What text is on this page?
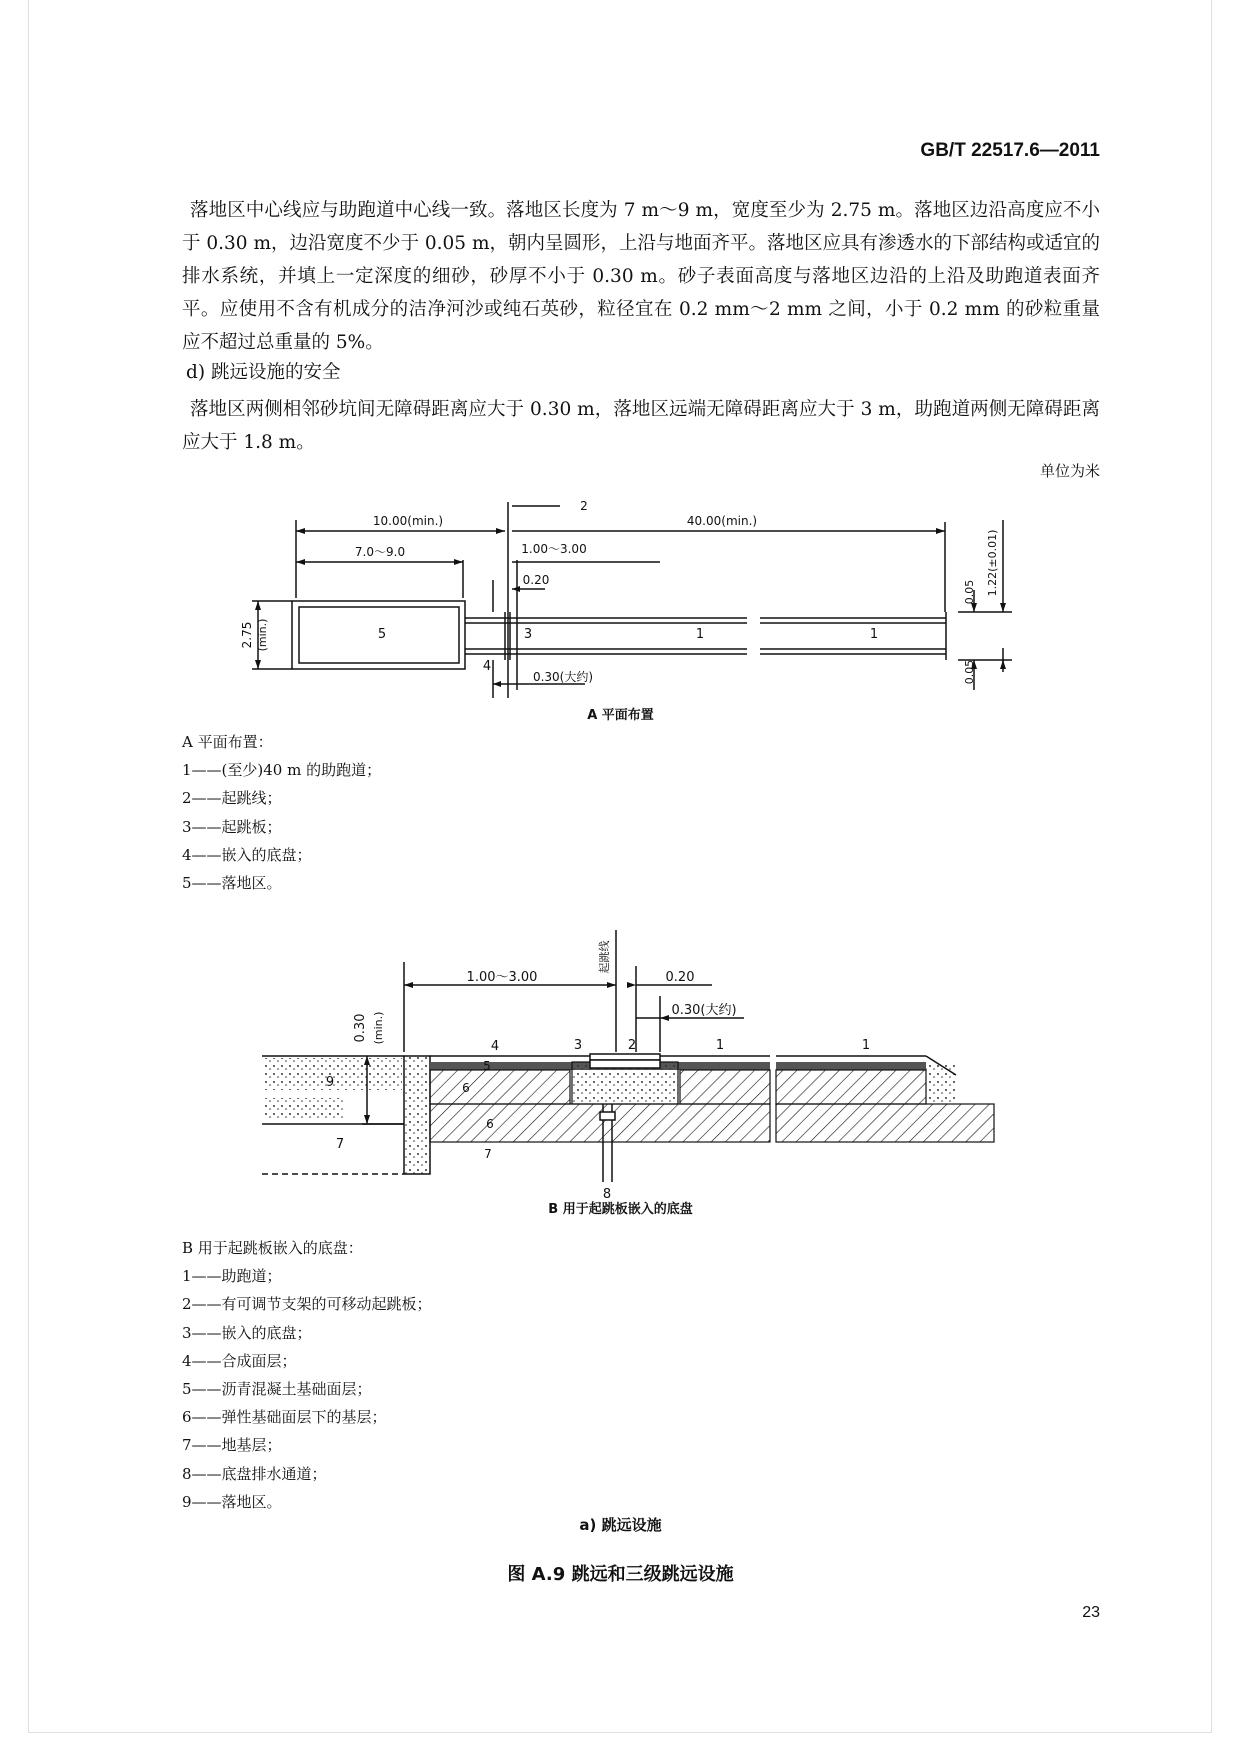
GB/T 22517.6—2011
落地区中心线应与助跑道中心线一致。落地区长度为 7 m～9 m，宽度至少为 2.75 m。落地区边沿高度应不小于 0.30 m，边沿宽度不少于 0.05 m，朝内呈圆形，上沿与地面齐平。落地区应具有渗透水的下部结构或适宜的排水系统，并填上一定深度的细砂，砂厚不小于 0.30 m。砂子表面高度与落地区边沿的上沿及助跑道表面齐平。应使用不含有机成分的洁净河沙或纯石英砂，粒径宜在 0.2 mm～2 mm 之间，小于 0.2 mm 的砂粒重量应不超过总重量的 5%。
d) 跳远设施的安全
落地区两侧相邻砂坑间无障碍距离应大于 0.30 m，落地区远端无障碍距离应大于 3 m，助跑道两侧无障碍距离应大于 1.8 m。
单位为米
10.00(min.)	40.00(min.)
7.0～9.0	1.00～3.00
0.20
0.30(大约)
2
5	3	1	1
4
2.75 (min.)
0.05 1.22(±0.01)
0.05
A 平面布置
A 平面布置：
1——(至少)40 m 的助跑道；
2——起跳线；
3——起跳板；
4——嵌入的底盘；
5——落地区。
1.00～3.00	0.20
0.30(大约)
0.30 (min.)
起跳线
4	3	2	1	1
5
6
6
7
7
9
8
B 用于起跳板嵌入的底盘
B 用于起跳板嵌入的底盘：
1——助跑道；
2——有可调节支架的可移动起跳板；
3——嵌入的底盘；
4——合成面层；
5——沥青混凝土基础面层；
6——弹性基础面层下的基层；
7——地基层；
8——底盘排水通道；
9——落地区。
a) 跳远设施
图 A.9 跳远和三级跳远设施
23
